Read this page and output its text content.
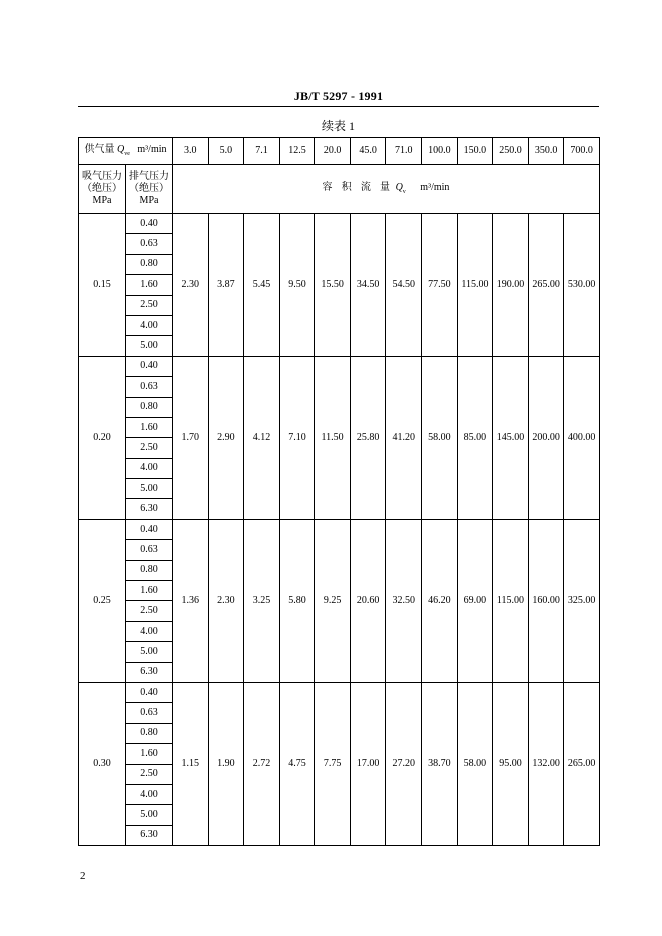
JB/T 5297 - 1991
续表 1
供气量 $Q_{ve}$ m³/min		3.0	5.0	7.1	12.5	20.0	45.0	71.0	100.0	150.0	250.0	350.0	700.0

吸气压力
（绝压）
MPa	排气压力
（绝压）
MPa	容 积 流 量 $Q_v$ m³/min											
0.15	0.40	2.30	3.87	5.45	9.50	15.50	34.50	54.50	77.50	115.00	190.00	265.00	530.00
	0.63												
	0.80												
	1.60												
	2.50												
	4.00												
	5.00												
0.20	0.40	1.70	2.90	4.12	7.10	11.50	25.80	41.20	58.00	85.00	145.00	200.00	400.00
	0.63												
	0.80												
	1.60												
	2.50												
	4.00												
	5.00												
	6.30												
0.25	0.40	1.36	2.30	3.25	5.80	9.25	20.60	32.50	46.20	69.00	115.00	160.00	325.00
	0.63												
	0.80												
	1.60												
	2.50												
	4.00												
	5.00												
	6.30												
0.30	0.40	1.15	1.90	2.72	4.75	7.75	17.00	27.20	38.70	58.00	95.00	132.00	265.00
	0.63												
	0.80												
	1.60												
	2.50												
	4.00												
	5.00												
	6.30												
2
